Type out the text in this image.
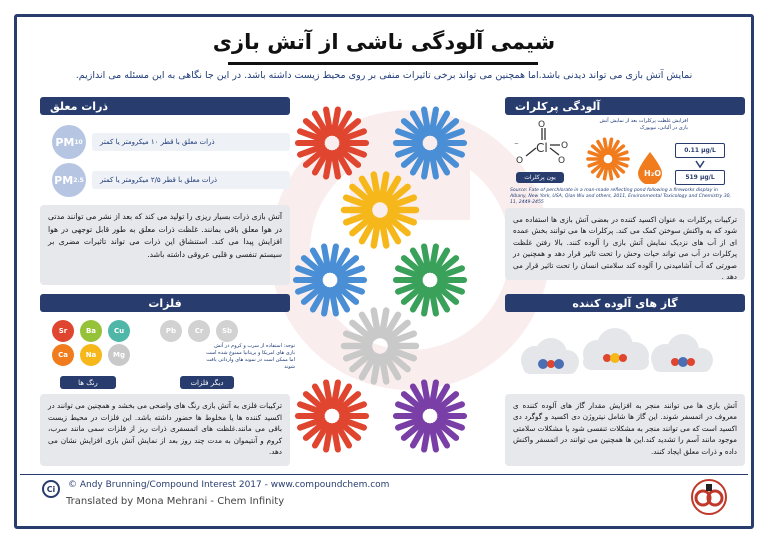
شیمی آلودگی ناشی از آتش بازی
نمایش آتش بازی می تواند دیدنی باشد.اما همچنین می تواند برخی تاثیرات منفی بر روی محیط زیست داشته باشد. در این جا نگاهی به این مسئله می اندازیم.
ذرات معلق
PM 10	ذرات معلق با قطر ۱۰ میکرومتر یا کمتر
PM 2.5	ذرات معلق با قطر ۲/۵ میکرومتر یا کمتر
آتش بازی ذرات بسیار ریزی را تولید می کند که بعد از نشر می توانند مدتی در هوا معلق باقی بمانند. غلظت ذرات معلق به طور قابل توجهی در هوا افزایش پیدا می کند. استنشاق این ذرات می تواند تاثیرات مضری بر سیستم تنفسی و قلبی عروقی داشته باشد.
فلزات
Sr	Ba	Cu
Ca	Na	Mg
Pb	Cr	Sb
توجه: استفاده از سرب و کروم در آتش بازی های امریکا و بریتانیا ممنوع شده است اما ممکن است در نمونه های وارداتی یافت شوند
رنگ ها	دیگر فلزات
ترکیبات فلزی به آتش بازی رنگ های واضحی می بخشد و همچنین می توانند در اکسید کننده ها یا مخلوط ها حضور داشته باشد. این فلزات در محیط زیست باقی می مانند.غلظت های اتمسفری ذرات ریز از فلزات سمی مانند سرب، کروم و آنتیموان به مدت چند روز بعد از نمایش آتش بازی افزایش نشان می دهد.
آلودگی پرکلرات
Cl
O
O	O
O
⁻
یون پرکلرات
افزایش غلظت پرکلرات بعد از نمایش آتش بازی در آلبانی، نیویورک
H₂O
0.11 µg/L
519 µg/L
Source: Fate of perchlorate in a man-made reflecting pond following a fireworks display in Albany, New York, USA, Qian Wu and others, 2011, Environmental Toxicology and Chemistry 30, 11, 2449-2455
ترکیبات پرکلرات به عنوان اکسید کننده در بعضی آتش بازی ها استفاده می شود که به واکنش سوختن کمک می کند. پرکلرات ها می توانند بخش عمده ای از آب های نزدیک نمایش آتش بازی را آلوده کنند. بالا رفتن غلظت پرکلرات در آب می تواند حیات وحش را تحت تاثیر قرار دهد و همچنین در صورتی که آب آشامیدنی را آلوده کند سلامتی انسان را تحت تاثیر قرار می دهد .
گاز های آلوده کننده
آتش بازی ها می توانند منجر به افزایش مقدار گاز های آلوده کننده ی معروف در اتمسفر شوند. این گاز ها شامل نیتروژن دی اکسید و گوگرد دی اکسید است که می توانند منجر به مشکلات تنفسی شود یا مشکلات سلامتی موجود مانند آسم را تشدید کند.این ها همچنین می توانند در اتمسفر واکنش داده و ذرات معلق ایجاد کنند.
Ci	© Andy Brunning/Compound Interest 2017 - www.compoundchem.com
Translated by Mona Mehrani - Chem Infinity
